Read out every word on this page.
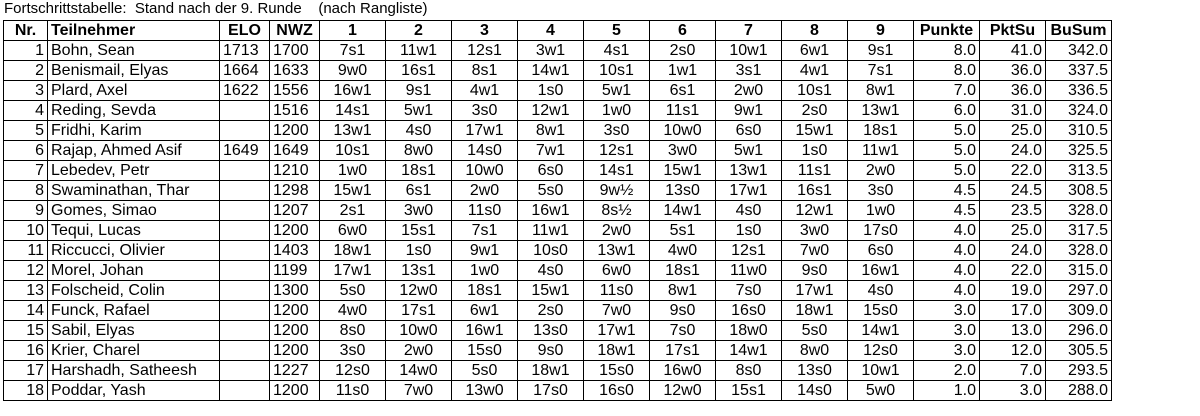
Fortschrittstabelle:  Stand nach der 9. Runde    (nach Rangliste)
Nr.	Teilnehmer	ELO	NWZ	1	2	3	4	5	6	7	8	9	Punkte	PktSu	BuSum
1	Bohn, Sean	1713	1700	7s1	11w1	12s1	3w1	4s1	2s0	10w1	6w1	9s1	8.0	41.0	342.0
2	Benismail, Elyas	1664	1633	9w0	16s1	8s1	14w1	10s1	1w1	3s1	4w1	7s1	8.0	36.0	337.5
3	Plard, Axel	1622	1556	16w1	9s1	4w1	1s0	5w1	6s1	2w0	10s1	8w1	7.0	36.0	336.5
4	Reding, Sevda		1516	14s1	5w1	3s0	12w1	1w0	11s1	9w1	2s0	13w1	6.0	31.0	324.0
5	Fridhi, Karim		1200	13w1	4s0	17w1	8w1	3s0	10w0	6s0	15w1	18s1	5.0	25.0	310.5
6	Rajap, Ahmed Asif	1649	1649	10s1	8w0	14s0	7w1	12s1	3w0	5w1	1s0	11w1	5.0	24.0	325.5
7	Lebedev, Petr		1210	1w0	18s1	10w0	6s0	14s1	15w1	13w1	11s1	2w0	5.0	22.0	313.5
8	Swaminathan, Thar		1298	15w1	6s1	2w0	5s0	9w½	13s0	17w1	16s1	3s0	4.5	24.5	308.5
9	Gomes, Simao		1207	2s1	3w0	11s0	16w1	8s½	14w1	4s0	12w1	1w0	4.5	23.5	328.0
10	Tequi, Lucas		1200	6w0	15s1	7s1	11w1	2w0	5s1	1s0	3w0	17s0	4.0	25.0	317.5
11	Riccucci, Olivier		1403	18w1	1s0	9w1	10s0	13w1	4w0	12s1	7w0	6s0	4.0	24.0	328.0
12	Morel, Johan		1199	17w1	13s1	1w0	4s0	6w0	18s1	11w0	9s0	16w1	4.0	22.0	315.0
13	Folscheid, Colin		1300	5s0	12w0	18s1	15w1	11s0	8w1	7s0	17w1	4s0	4.0	19.0	297.0
14	Funck, Rafael		1200	4w0	17s1	6w1	2s0	7w0	9s0	16s0	18w1	15s0	3.0	17.0	309.0
15	Sabil, Elyas		1200	8s0	10w0	16w1	13s0	17w1	7s0	18w0	5s0	14w1	3.0	13.0	296.0
16	Krier, Charel		1200	3s0	2w0	15s0	9s0	18w1	17s1	14w1	8w0	12s0	3.0	12.0	305.5
17	Harshadh, Satheesh		1227	12s0	14w0	5s0	18w1	15s0	16w0	8s0	13s0	10w1	2.0	7.0	293.5
18	Poddar, Yash		1200	11s0	7w0	13w0	17s0	16s0	12w0	15s1	14s0	5w0	1.0	3.0	288.0
